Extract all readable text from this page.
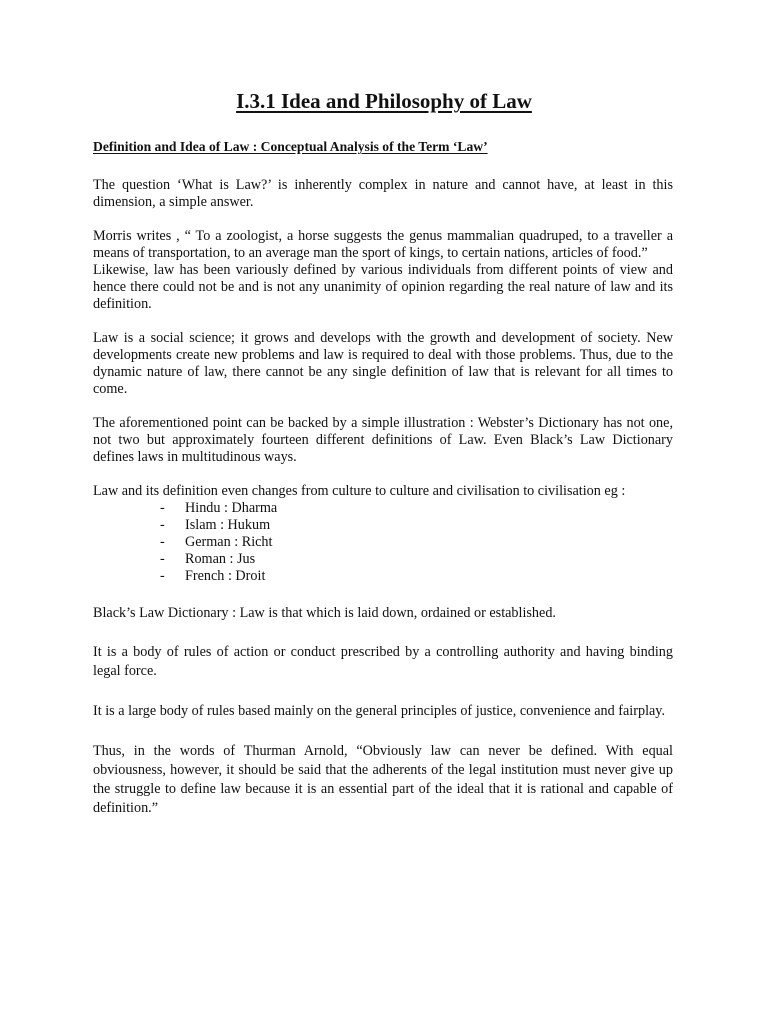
I.3.1 Idea and Philosophy of Law

Definition and Idea of Law : Conceptual Analysis of the Term ‘Law’

The question ‘What is Law?’ is inherently complex in nature and cannot have, at least in this dimension, a simple answer.

Morris writes , “ To a zoologist, a horse suggests the genus mammalian quadruped, to a traveller a means of transportation, to an average man the sport of kings, to certain nations, articles of food.”

Likewise, law has been variously defined by various individuals from different points of view and hence there could not be and is not any unanimity of opinion regarding the real nature of law and its definition.

Law is a social science; it grows and develops with the growth and development of society. New developments create new problems and law is required to deal with those problems. Thus, due to the dynamic nature of law, there cannot be any single definition of law that is relevant for all times to come.

The aforementioned point can be backed by a simple illustration : Webster’s Dictionary has not one, not two but approximately fourteen different definitions of Law. Even Black’s Law Dictionary defines laws in multitudinous ways.

Law and its definition even changes from culture to culture and civilisation to civilisation eg :

- Hindu : Dharma
- Islam : Hukum
- German : Richt
- Roman : Jus
- French : Droit

Black’s Law Dictionary : Law is that which is laid down, ordained or established.

It is a body of rules of action or conduct prescribed by a controlling authority and having binding legal force.

It is a large body of rules based mainly on the general principles of justice, convenience and fairplay.

Thus, in the words of Thurman Arnold, “Obviously law can never be defined. With equal obviousness, however, it should be said that the adherents of the legal institution must never give up the struggle to define law because it is an essential part of the ideal that it is rational and capable of definition.”
